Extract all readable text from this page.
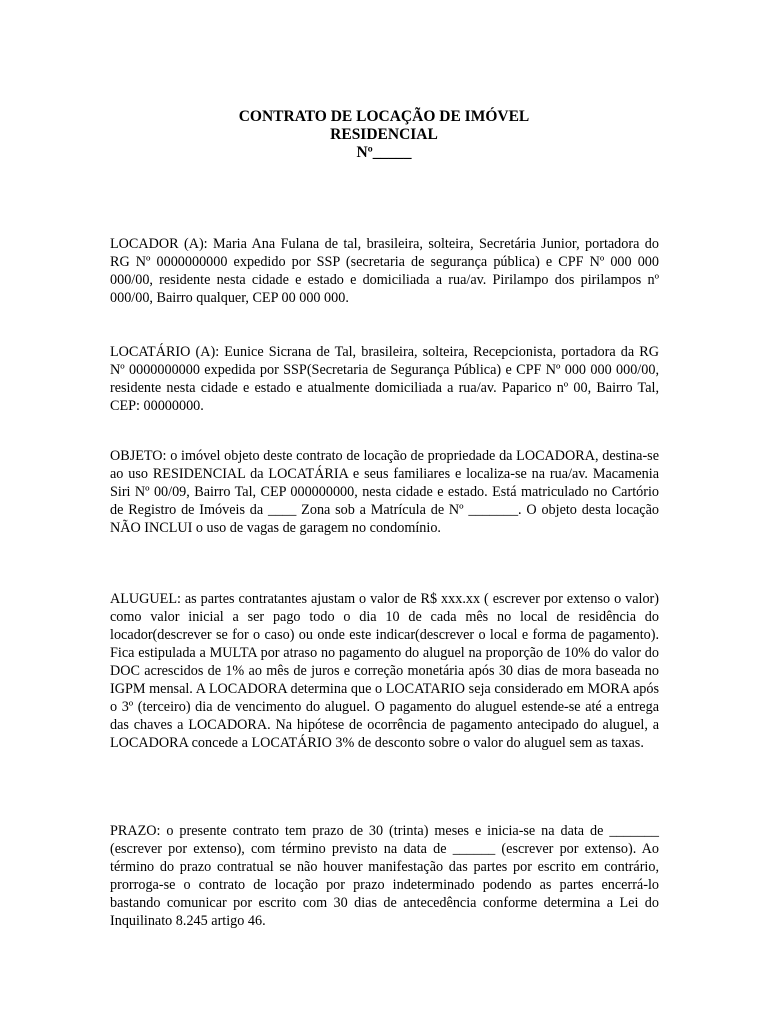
CONTRATO DE LOCAÇÃO DE IMÓVEL
RESIDENCIAL
Nº_____

LOCADOR (A): Maria Ana Fulana de tal, brasileira, solteira, Secretária Junior, portadora do RG Nº 0000000000 expedido por SSP (secretaria de segurança pública) e CPF Nº 000 000 000/00, residente nesta cidade e estado e domiciliada a rua/av. Pirilampo dos pirilampos nº 000/00, Bairro qualquer, CEP 00 000 000.

LOCATÁRIO (A): Eunice Sicrana de Tal, brasileira, solteira, Recepcionista, portadora da RG Nº 0000000000 expedida por SSP(Secretaria de Segurança Pública) e CPF Nº 000 000 000/00, residente nesta cidade e estado e atualmente domiciliada a rua/av. Paparico nº 00, Bairro Tal, CEP: 00000000.

OBJETO: o imóvel objeto deste contrato de locação de propriedade da LOCADORA, destina-se ao uso RESIDENCIAL da LOCATÁRIA e seus familiares e localiza-se na rua/av. Macamenia Siri Nº 00/09, Bairro Tal, CEP 000000000, nesta cidade e estado. Está matriculado no Cartório de Registro de Imóveis da ____ Zona sob a Matrícula de Nº _______. O objeto desta locação NÃO INCLUI o uso de vagas de garagem no condomínio.

ALUGUEL: as partes contratantes ajustam o valor de R$ xxx.xx ( escrever por extenso o valor) como valor inicial a ser pago todo o dia 10 de cada mês no local de residência do locador(descrever se for o caso) ou onde este indicar(descrever o local e forma de pagamento). Fica estipulada a MULTA por atraso no pagamento do aluguel na proporção de 10% do valor do DOC acrescidos de 1% ao mês de juros e correção monetária após 30 dias de mora baseada no IGPM mensal. A LOCADORA determina que o LOCATARIO seja considerado em MORA após o 3º (terceiro) dia de vencimento do aluguel. O pagamento do aluguel estende-se até a entrega das chaves a LOCADORA. Na hipótese de ocorrência de pagamento antecipado do aluguel, a LOCADORA concede a LOCATÁRIO 3% de desconto sobre o valor do aluguel sem as taxas.

PRAZO: o presente contrato tem prazo de 30 (trinta) meses e inicia-se na data de _______ (escrever por extenso), com término previsto na data de ______ (escrever por extenso). Ao término do prazo contratual se não houver manifestação das partes por escrito em contrário, prorroga-se o contrato de locação por prazo indeterminado podendo as partes encerrá-lo bastando comunicar por escrito com 30 dias de antecedência conforme determina a Lei do Inquilinato 8.245 artigo 46.
